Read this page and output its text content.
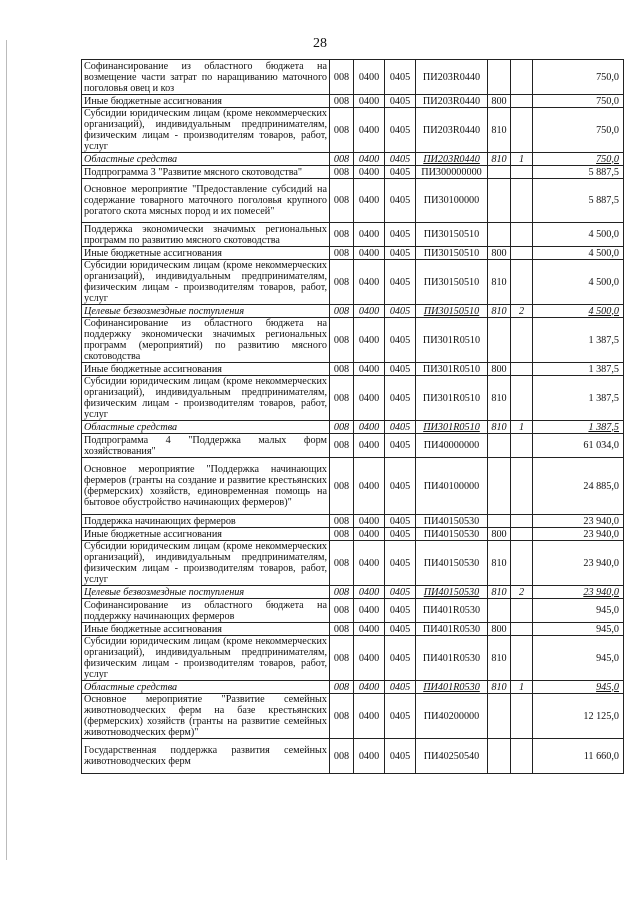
28
Софинансирование из областного бюджета на возмещение части затрат по наращиванию маточного поголовья овец и коз	008	0400	0405	ПИ203R0440			750,0
Иные бюджетные ассигнования	008	0400	0405	ПИ203R0440	800		750,0
Субсидии юридическим лицам (кроме некоммерческих организаций), индивидуальным предпринимателям, физическим лицам - производителям товаров, работ, услуг	008	0400	0405	ПИ203R0440	810		750,0
Областные средства	008	0400	0405	ПИ203R0440	810	1	750,0
Подпрограмма 3 "Развитие мясного скотоводства"	008	0400	0405	ПИ300000000			5 887,5
Основное мероприятие "Предоставление субсидий на содержание товарного маточного поголовья крупного рогатого скота мясных пород и их помесей"	008	0400	0405	ПИ30100000			5 887,5
Поддержка экономически значимых региональных программ по развитию мясного скотоводства	008	0400	0405	ПИ30150510			4 500,0
Иные бюджетные ассигнования	008	0400	0405	ПИ30150510	800		4 500,0
Субсидии юридическим лицам (кроме некоммерческих организаций), индивидуальным предпринимателям, физическим лицам - производителям товаров, работ, услуг	008	0400	0405	ПИ30150510	810		4 500,0
Целевые безвозмездные поступления	008	0400	0405	ПИ30150510	810	2	4 500,0
Софинансирование из областного бюджета на поддержку экономически значимых региональных программ (мероприятий) по развитию мясного скотоводства	008	0400	0405	ПИ301R0510			1 387,5
Иные бюджетные ассигнования	008	0400	0405	ПИ301R0510	800		1 387,5
Субсидии юридическим лицам (кроме некоммерческих организаций), индивидуальным предпринимателям, физическим лицам - производителям товаров, работ, услуг	008	0400	0405	ПИ301R0510	810		1 387,5
Областные средства	008	0400	0405	ПИ301R0510	810	1	1 387,5
Подпрограмма 4 "Поддержка малых форм хозяйствования"	008	0400	0405	ПИ40000000			61 034,0
Основное мероприятие "Поддержка начинающих фермеров (гранты на создание и развитие крестьянских (фермерских) хозяйств, единовременная помощь на бытовое обустройство начинающих фермеров)"	008	0400	0405	ПИ40100000			24 885,0
Поддержка начинающих фермеров	008	0400	0405	ПИ40150530			23 940,0
Иные бюджетные ассигнования	008	0400	0405	ПИ40150530	800		23 940,0
Субсидии юридическим лицам (кроме некоммерческих организаций), индивидуальным предпринимателям, физическим лицам - производителям товаров, работ, услуг	008	0400	0405	ПИ40150530	810		23 940,0
Целевые безвозмездные поступления	008	0400	0405	ПИ40150530	810	2	23 940,0
Софинансирование из областного бюджета на поддержку начинающих фермеров	008	0400	0405	ПИ401R0530			945,0
Иные бюджетные ассигнования	008	0400	0405	ПИ401R0530	800		945,0
Субсидии юридическим лицам (кроме некоммерческих организаций), индивидуальным предпринимателям, физическим лицам - производителям товаров, работ, услуг	008	0400	0405	ПИ401R0530	810		945,0
Областные средства	008	0400	0405	ПИ401R0530	810	1	945,0
Основное мероприятие "Развитие семейных животноводческих ферм на базе крестьянских (фермерских) хозяйств (гранты на развитие семейных животноводческих ферм)"	008	0400	0405	ПИ40200000			12 125,0
Государственная поддержка развития семейных животноводческих ферм	008	0400	0405	ПИ40250540			11 660,0
